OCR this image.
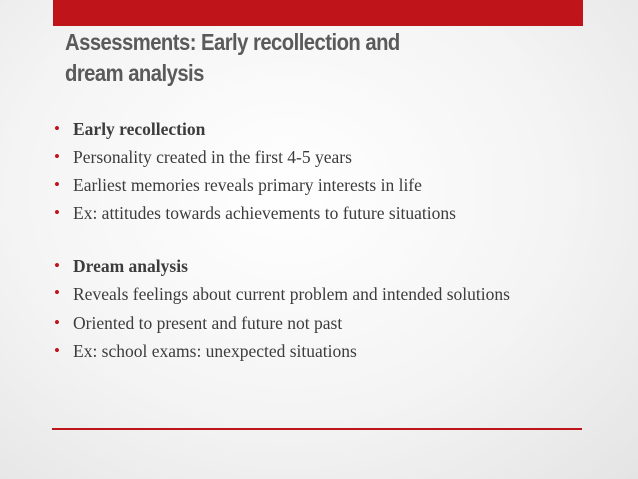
Assessments: Early recollection and
dream analysis
• Early recollection
• Personality created in the first 4-5 years
• Earliest memories reveals primary interests in life
• Ex: attitudes towards achievements to future situations
• Dream analysis
• Reveals feelings about current problem and intended solutions
• Oriented to present and future not past
• Ex: school exams: unexpected situations
